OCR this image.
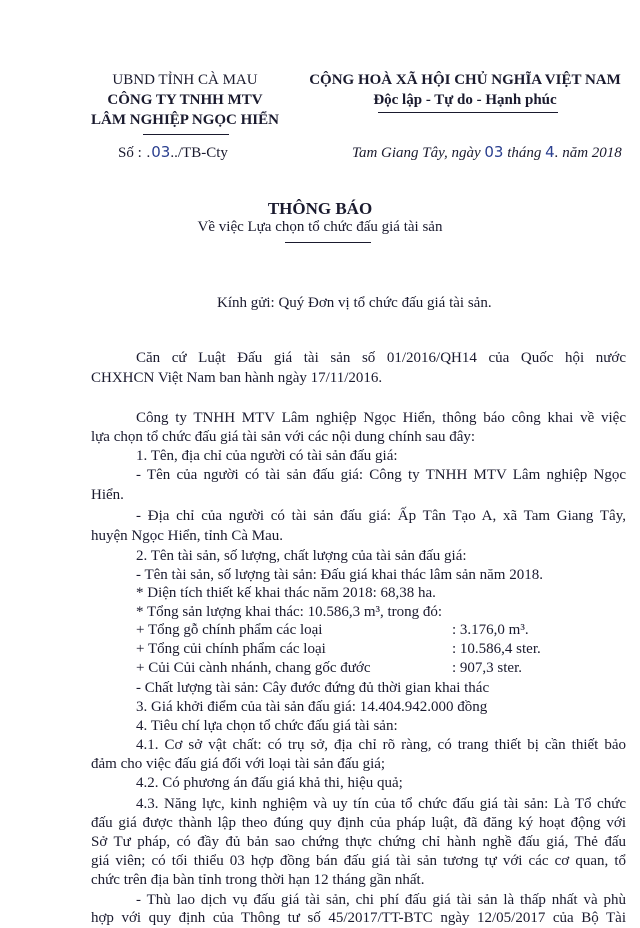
UBND TỈNH CÀ MAU
CÔNG TY TNHH MTV
LÂM NGHIỆP NGỌC HIỂN
CỘNG HOÀ XÃ HỘI CHỦ NGHĨA VIỆT NAM
Độc lập - Tự do - Hạnh phúc
Số : .03../TB-Cty	Tam Giang Tây, ngày 03 tháng 4. năm 2018
THÔNG BÁO
Về việc Lựa chọn tổ chức đấu giá tài sản
Kính gửi: Quý Đơn vị tổ chức đấu giá tài sản.
Căn cứ Luật Đấu giá tài sản số 01/2016/QH14 của Quốc hội nước
CHXHCN Việt Nam ban hành ngày 17/11/2016.
Công ty TNHH MTV Lâm nghiệp Ngọc Hiển, thông báo công khai về việc
lựa chọn tổ chức đấu giá tài sản với các nội dung chính sau đây:
1. Tên, địa chỉ của người có tài sản đấu giá:
- Tên của người có tài sản đấu giá: Công ty TNHH MTV Lâm nghiệp Ngọc
Hiển.
- Địa chỉ của người có tài sản đấu giá: Ấp Tân Tạo A, xã Tam Giang Tây,
huyện Ngọc Hiển, tỉnh Cà Mau.
2. Tên tài sản, số lượng, chất lượng của tài sản đấu giá:
- Tên tài sản, số lượng tài sản: Đấu giá khai thác lâm sản năm 2018.
* Diện tích thiết kế khai thác năm 2018: 68,38 ha.
* Tổng sản lượng khai thác: 10.586,3 m³, trong đó:
+ Tổng gỗ chính phẩm các loại	: 3.176,0 m³.
+ Tổng củi chính phẩm các loại	: 10.586,4 ster.
+ Củi Củi cành nhánh, chang gốc đước	: 907,3 ster.
- Chất lượng tài sản: Cây đước đứng đủ thời gian khai thác
3. Giá khởi điểm của tài sản đấu giá: 14.404.942.000 đồng
4. Tiêu chí lựa chọn tổ chức đấu giá tài sản:
4.1. Cơ sở vật chất: có trụ sở, địa chỉ rõ ràng, có trang thiết bị cần thiết bảo
đảm cho việc đấu giá đối với loại tài sản đấu giá;
4.2. Có phương án đấu giá khả thi, hiệu quả;
4.3. Năng lực, kinh nghiệm và uy tín của tổ chức đấu giá tài sản: Là Tổ chức
đấu giá được thành lập theo đúng quy định của pháp luật, đã đăng ký hoạt động với
Sở Tư pháp, có đầy đủ bản sao chứng thực chứng chỉ hành nghề đấu giá, Thẻ đấu
giá viên; có tối thiểu 03 hợp đồng bán đấu giá tài sản tương tự với các cơ quan, tổ
chức trên địa bàn tỉnh trong thời hạn 12 tháng gần nhất.
- Thù lao dịch vụ đấu giá tài sản, chi phí đấu giá tài sản là thấp nhất và phù
hợp với quy định của Thông tư số 45/2017/TT-BTC ngày 12/05/2017 của Bộ Tài
